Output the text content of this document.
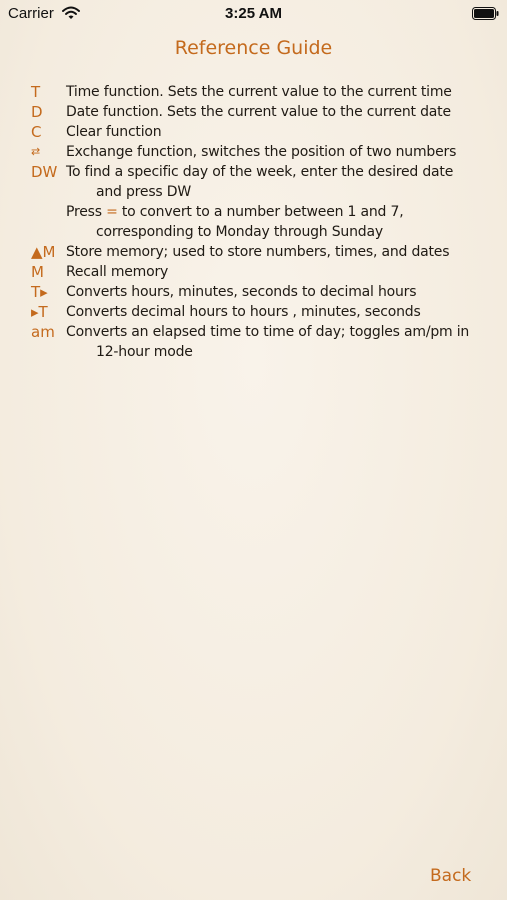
Carrier	3:25 AM
Reference Guide
T	Time function. Sets the current value to the current time
D	Date function. Sets the current value to the current date
C	Clear function
⇄	Exchange function, switches the position of two numbers
DW To find a specific day of the week, enter the desired date
and press DW
Press = to convert to a number between 1 and 7,
corresponding to Monday through Sunday
▲M Store memory; used to store numbers, times, and dates
M	Recall memory
T▸	Converts hours, minutes, seconds to decimal hours
▸T	Converts decimal hours to hours , minutes, seconds
am Converts an elapsed time to time of day; toggles am/pm in
12-hour mode
Back
